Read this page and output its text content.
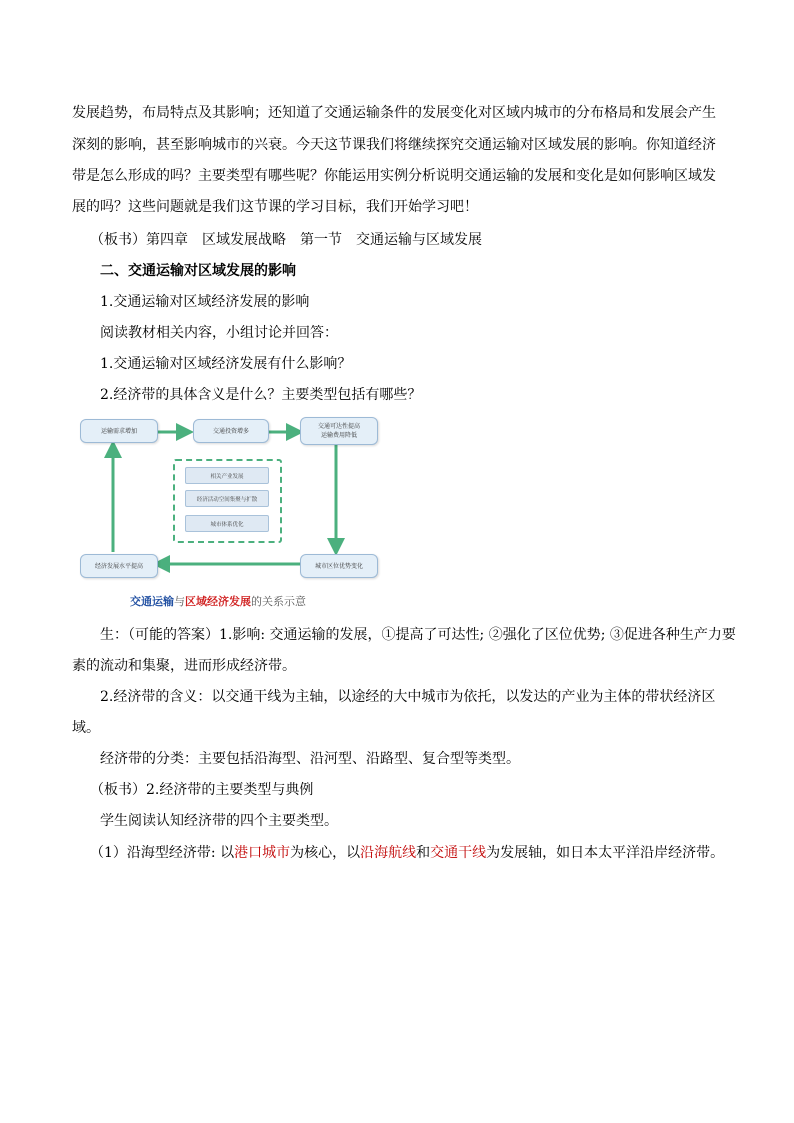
发展趋势，布局特点及其影响；还知道了交通运输条件的发展变化对区域内城市的分布格局和发展会产生

深刻的影响，甚至影响城市的兴衰。今天这节课我们将继续探究交通运输对区域发展的影响。你知道经济

带是怎么形成的吗？主要类型有哪些呢？你能运用实例分析说明交通运输的发展和变化是如何影响区域发

展的吗？这些问题就是我们这节课的学习目标，我们开始学习吧！

（板书）第四章　区域发展战略　第一节　交通运输与区域发展

二、交通运输对区域发展的影响

1.交通运输对区域经济发展的影响

阅读教材相关内容，小组讨论并回答：

1.交通运输对区域经济发展有什么影响？

2.经济带的具体含义是什么？主要类型包括有哪些？

运输需求增加	交通投资增多
交通可达性提高
运输费用降低
相关产业发展
经济活动空间集聚与扩散
城市体系优化
城市区位优势变化
经济发展水平提高
交通运输与区域经济发展的关系示意

生：（可能的答案）1.影响: 交通运输的发展，①提高了可达性; ②强化了区位优势; ③促进各种生产力要

素的流动和集聚，进而形成经济带。

2.经济带的含义：以交通干线为主轴，以途经的大中城市为依托，以发达的产业为主体的带状经济区

域。

经济带的分类：主要包括沿海型、沿河型、沿路型、复合型等类型。

（板书）2.经济带的主要类型与典例

学生阅读认知经济带的四个主要类型。

（1）沿海型经济带: 以港口城市为核心，以沿海航线和交通干线为发展轴，如日本太平洋沿岸经济带。
